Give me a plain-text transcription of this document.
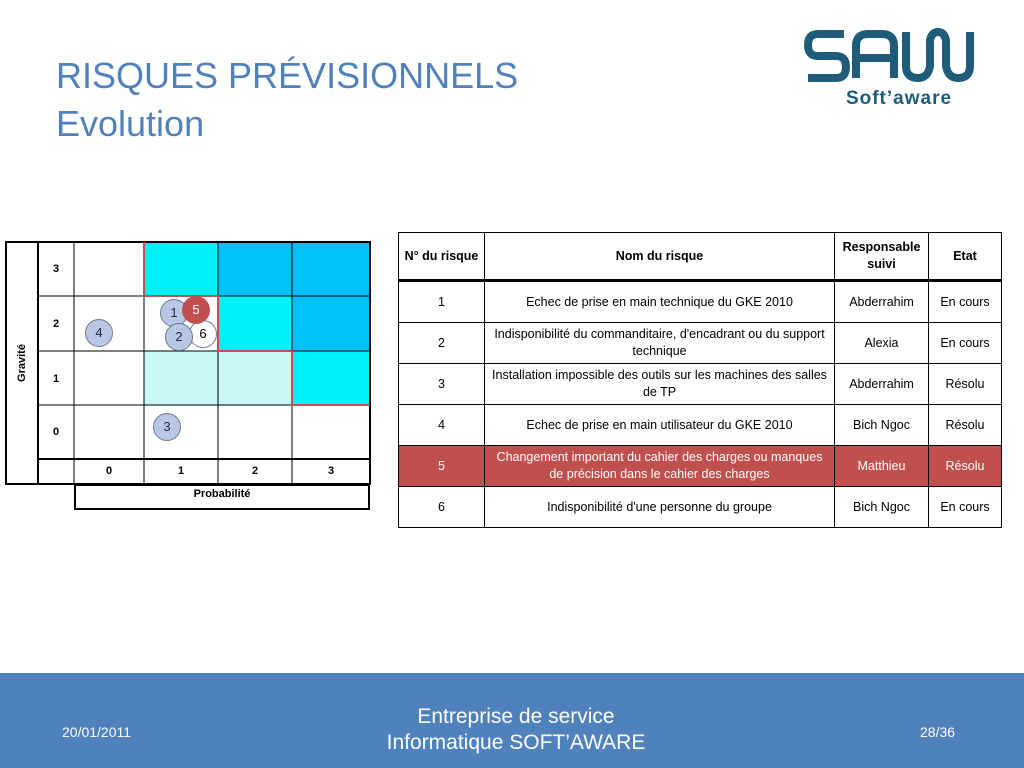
RISQUES PRÉVISIONNELS
Evolution
Soft’aware
Gravité
3
2
1
0
0	1	2	3
Probabilité
4
1
6
5
2
3
N° du risque	Nom du risque	Responsable suivi	Etat
1	Echec de prise en main technique du GKE 2010	Abderrahim	En cours
2	Indisponibilité du commanditaire, d'encadrant ou du support technique	Alexia	En cours
3	Installation impossible des outils sur les machines des salles de TP	Abderrahim	Résolu
4	Echec de prise en main utilisateur du GKE 2010	Bich Ngoc	Résolu
5	Changement important du cahier des charges ou manques de précision dans le cahier des charges	Matthieu	Résolu
6	Indisponibilité d'une personne du groupe	Bich Ngoc	En cours
20/01/2011
Entreprise de service
Informatique SOFT’AWARE	28/36
